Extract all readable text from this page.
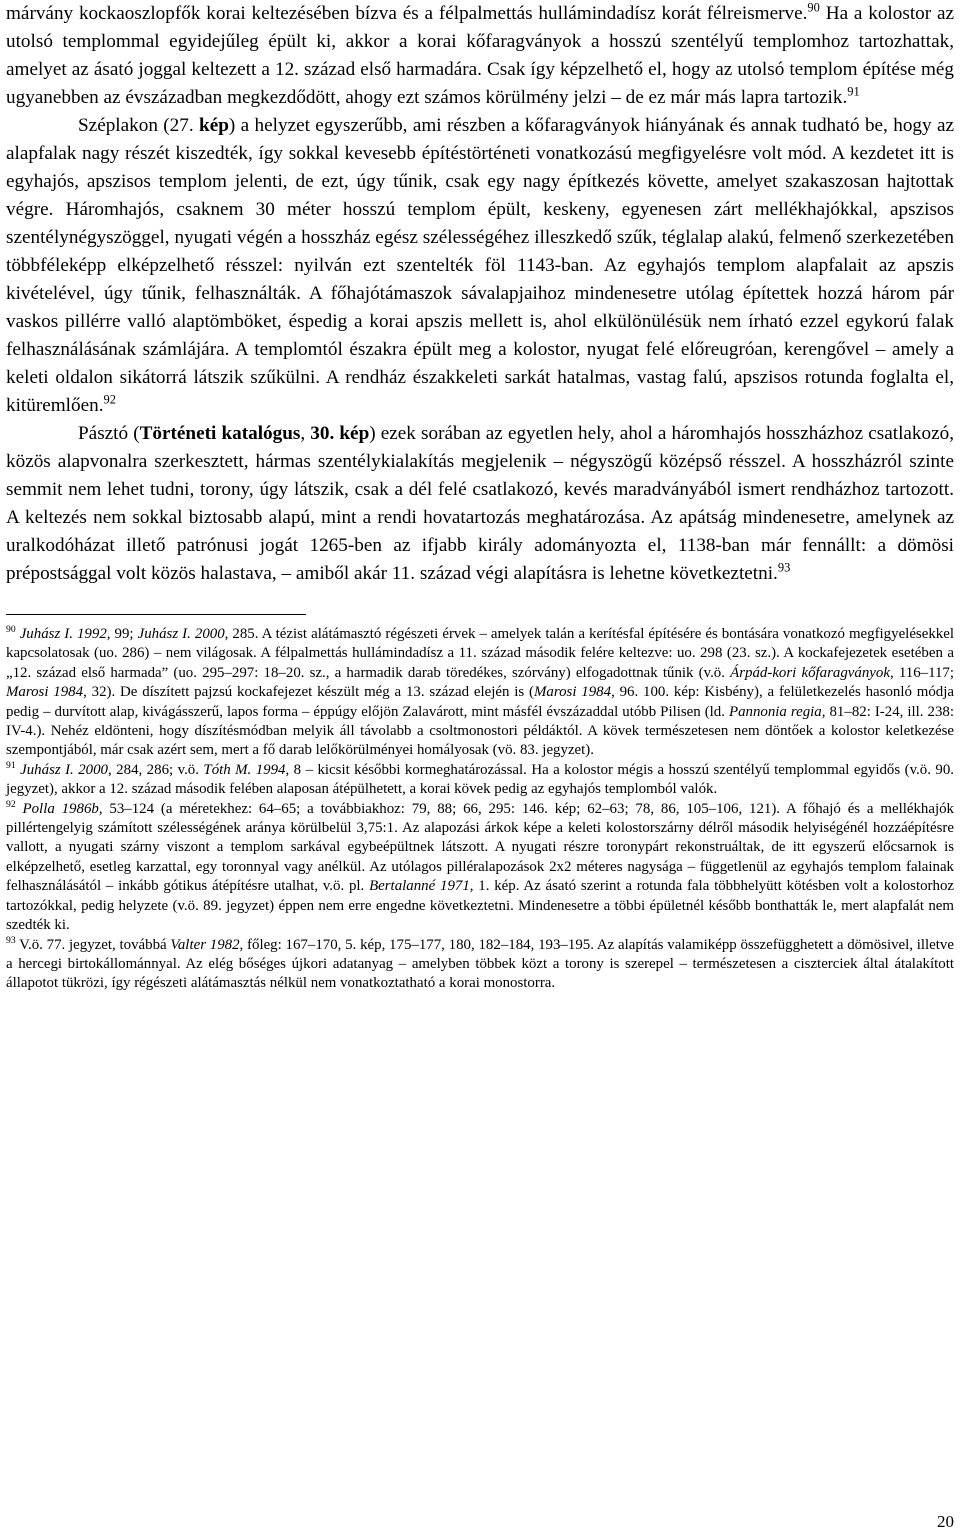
márvány kockaoszlopfők korai keltezésében bízva és a félpalmettás hullámindadísz korát félreismerve.$^{90}$ Ha a kolostor az utolsó templommal egyidejűleg épült ki, akkor a korai kőfaragványok a hosszú szentélyű templomhoz tartozhattak, amelyet az ásató joggal keltezett a 12. század első harmadára. Csak így képzelhető el, hogy az utolsó templom építése még ugyanebben az évszázadban megkezdődött, ahogy ezt számos körülmény jelzi – de ez már más lapra tartozik.$^{91}$

Széplakon (27. kép) a helyzet egyszerűbb, ami részben a kőfaragványok hiányának és annak tudható be, hogy az alapfalak nagy részét kiszedték, így sokkal kevesebb építéstörténeti vonatkozású megfigyelésre volt mód. A kezdetet itt is egyhajós, apszisos templom jelenti, de ezt, úgy tűnik, csak egy nagy építkezés követte, amelyet szakaszosan hajtottak végre. Háromhajós, csaknem 30 méter hosszú templom épült, keskeny, egyenesen zárt mellékhajókkal, apszisos szentélynégyszöggel, nyugati végén a hosszház egész szélességéhez illeszkedő szűk, téglalap alakú, felmenő szerkezetében többféleképp elképzelhető résszel: nyilván ezt szentelték föl 1143-ban. Az egyhajós templom alapfalait az apszis kivételével, úgy tűnik, felhasználták. A főhajótámaszok sávalapjaihoz mindenesetre utólag építettek hozzá három pár vaskos pillérre valló alaptömböket, éspedig a korai apszis mellett is, ahol elkülönülésük nem írható ezzel egykorú falak felhasználásának számlájára. A templomtól északra épült meg a kolostor, nyugat felé előreugróan, kerengővel – amely a keleti oldalon sikátorrá látszik szűkülni. A rendház északkeleti sarkát hatalmas, vastag falú, apszisos rotunda foglalta el, kitüremlően.$^{92}$

Pásztó (Történeti katalógus, 30. kép) ezek sorában az egyetlen hely, ahol a háromhajós hosszházhoz csatlakozó, közös alapvonalra szerkesztett, hármas szentélykialakítás megjelenik – négyszögű középső résszel. A hosszházról szinte semmit nem lehet tudni, torony, úgy látszik, csak a dél felé csatlakozó, kevés maradványából ismert rendházhoz tartozott. A keltezés nem sokkal biztosabb alapú, mint a rendi hovatartozás meghatározása. Az apátság mindenesetre, amelynek az uralkodóházat illető patrónusi jogát 1265-ben az ifjabb király adományozta el, 1138-ban már fennállt: a dömösi prépostsággal volt közös halastava, – amiből akár 11. század végi alapításra is lehetne következtetni.$^{93}$

$^{90}$ Juhász I. 1992, 99; Juhász I. 2000, 285. A tézist alátámasztó régészeti érvek – amelyek talán a kerítésfal építésére és bontására vonatkozó megfigyelésekkel kapcsolatosak (uo. 286) – nem világosak. A félpalmettás hullámindadísz a 11. század második felére keltezve: uo. 298 (23. sz.). A kockafejezetek esetében a „12. század első harmada” (uo. 295–297: 18–20. sz., a harmadik darab töredékes, szórvány) elfogadottnak tűnik (v.ö. Árpád-kori kőfaragványok, 116–117; Marosi 1984, 32). De díszített pajzsú kockafejezet készült még a 13. század elején is (Marosi 1984, 96. 100. kép: Kisbény), a felületkezelés hasonló módja pedig – durvított alap, kivágásszerű, lapos forma – éppúgy előjön Zalavárott, mint másfél évszázaddal utóbb Pilisen (ld. Pannonia regia, 81–82: I-24, ill. 238: IV-4.). Nehéz eldönteni, hogy díszítésmódban melyik áll távolabb a csoltmonostori példáktól. A kövek természetesen nem döntőek a kolostor keletkezése szempontjából, már csak azért sem, mert a fő darab lelőkörülményei homályosak (vö. 83. jegyzet).

$^{91}$ Juhász I. 2000, 284, 286; v.ö. Tóth M. 1994, 8 – kicsit későbbi kormeghatározással. Ha a kolostor mégis a hosszú szentélyű templommal egyidős (v.ö. 90. jegyzet), akkor a 12. század második felében alaposan átépülhetett, a korai kövek pedig az egyhajós templomból valók.

$^{92}$ Polla 1986b, 53–124 (a méretekhez: 64–65; a továbbiakhoz: 79, 88; 66, 295: 146. kép; 62–63; 78, 86, 105–106, 121). A főhajó és a mellékhajók pillértengelyig számított szélességének aránya körülbelül 3,75:1. Az alapozási árkok képe a keleti kolostorszárny délről második helyiségénél hozzáépítésre vallott, a nyugati szárny viszont a templom sarkával egybeépültnek látszott. A nyugati részre toronypárt rekonstruáltak, de itt egyszerű előcsarnok is elképzelhető, esetleg karzattal, egy toronnyal vagy anélkül. Az utólagos pilléralapozások 2x2 méteres nagysága – függetlenül az egyhajós templom falainak felhasználásától – inkább gótikus átépítésre utalhat, v.ö. pl. Bertalanné 1971, 1. kép. Az ásató szerint a rotunda fala többhelyütt kötésben volt a kolostorhoz tartozókkal, pedig helyzete (v.ö. 89. jegyzet) éppen nem erre engedne következtetni. Mindenesetre a többi épületnél később bonthatták le, mert alapfalát nem szedték ki.

$^{93}$ V.ö. 77. jegyzet, továbbá Valter 1982, főleg: 167–170, 5. kép, 175–177, 180, 182–184, 193–195. Az alapítás valamiképp összefügghetett a dömösivel, illetve a hercegi birtokállománnyal. Az elég bőséges újkori adatanyag – amelyben többek közt a torony is szerepel – természetesen a ciszterciek által átalakított állapotot tükrözi, így régészeti alátámasztás nélkül nem vonatkoztatható a korai monostorra.

20
